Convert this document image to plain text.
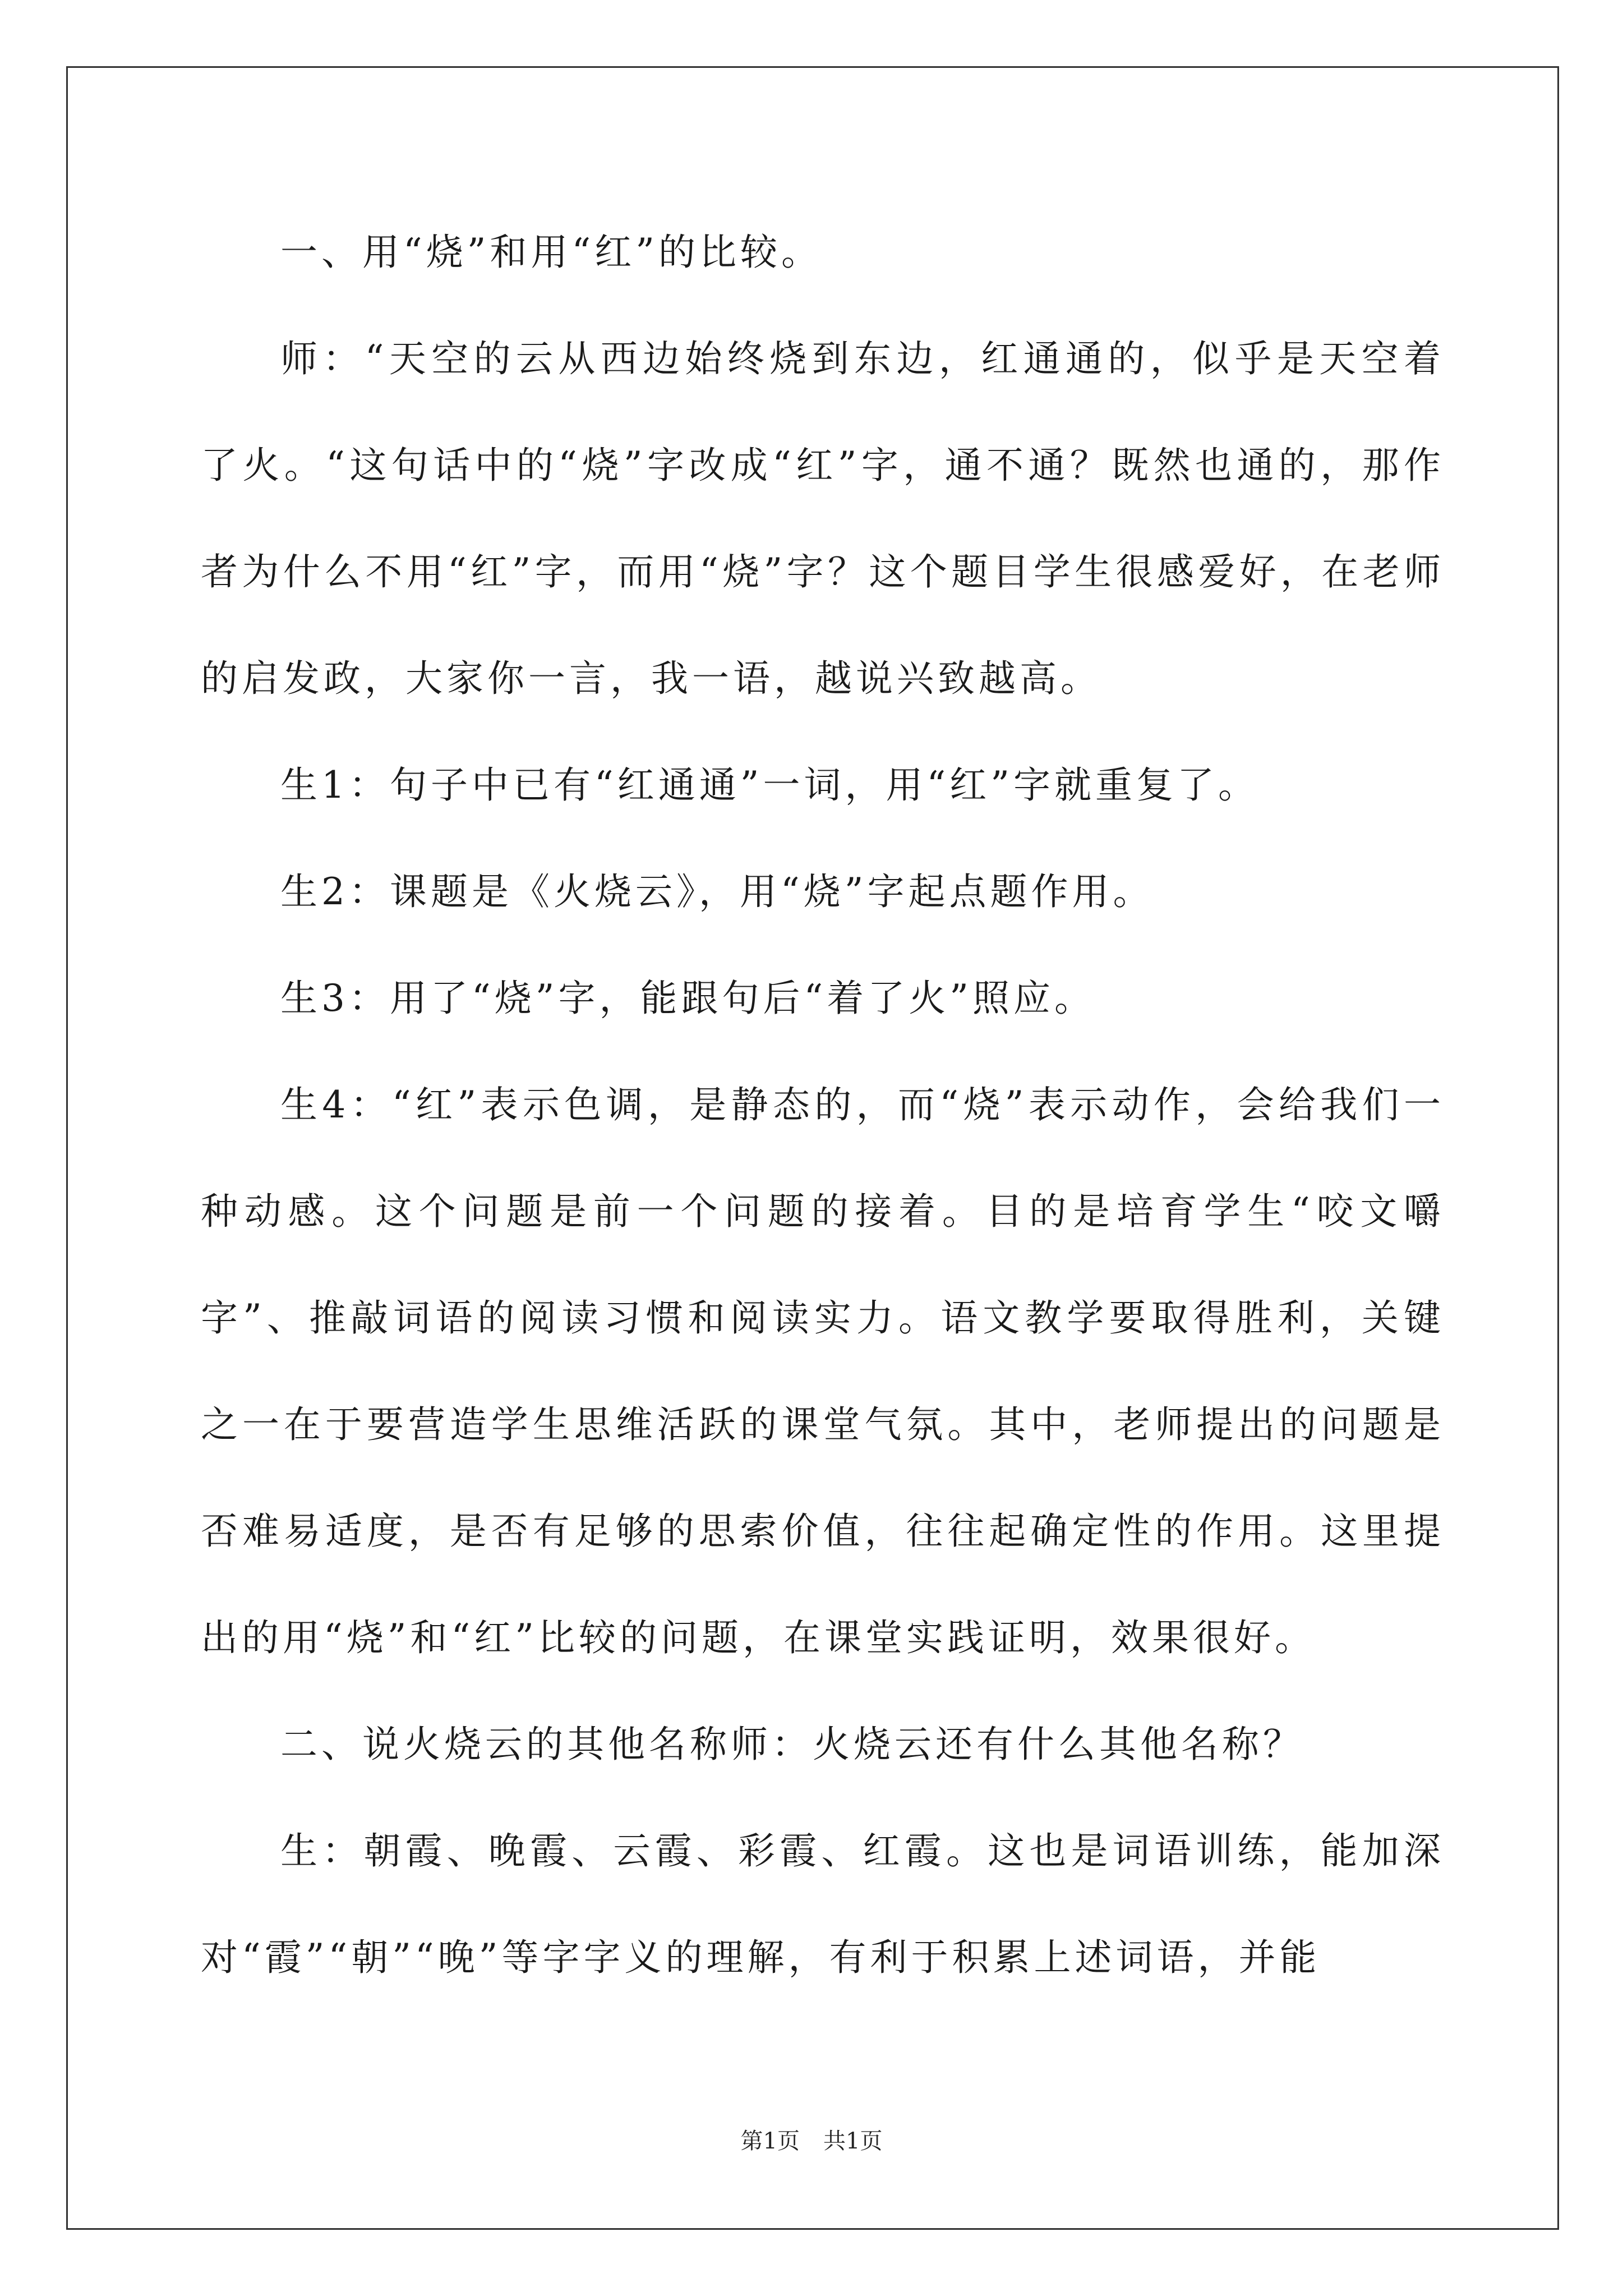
一、用“烧”和用“红”的比较。

师：“天空的云从西边始终烧到东边，红通通的，似乎是天空着了火。“这句话中的“烧”字改成“红”字，通不通？既然也通的，那作者为什么不用“红”字，而用“烧”字？这个题目学生很感爱好，在老师的启发政，大家你一言，我一语，越说兴致越高。

生1：句子中已有“红通通”一词，用“红”字就重复了。

生2：课题是《火烧云》，用“烧”字起点题作用。

生3：用了“烧”字，能跟句后“着了火”照应。

生4：“红”表示色调，是静态的，而“烧”表示动作，会给我们一种动感。这个问题是前一个问题的接着。目的是培育学生“咬文嚼字”、推敲词语的阅读习惯和阅读实力。语文教学要取得胜利，关键之一在于要营造学生思维活跃的课堂气氛。其中，老师提出的问题是否难易适度，是否有足够的思索价值，往往起确定性的作用。这里提出的用“烧”和“红”比较的问题，在课堂实践证明，效果很好。

二、说火烧云的其他名称师：火烧云还有什么其他名称？

生：朝霞、晚霞、云霞、彩霞、红霞。这也是词语训练，能加深对“霞”“朝”“晚”等字字义的理解，有利于积累上述词语，并能

第1页 共1页
